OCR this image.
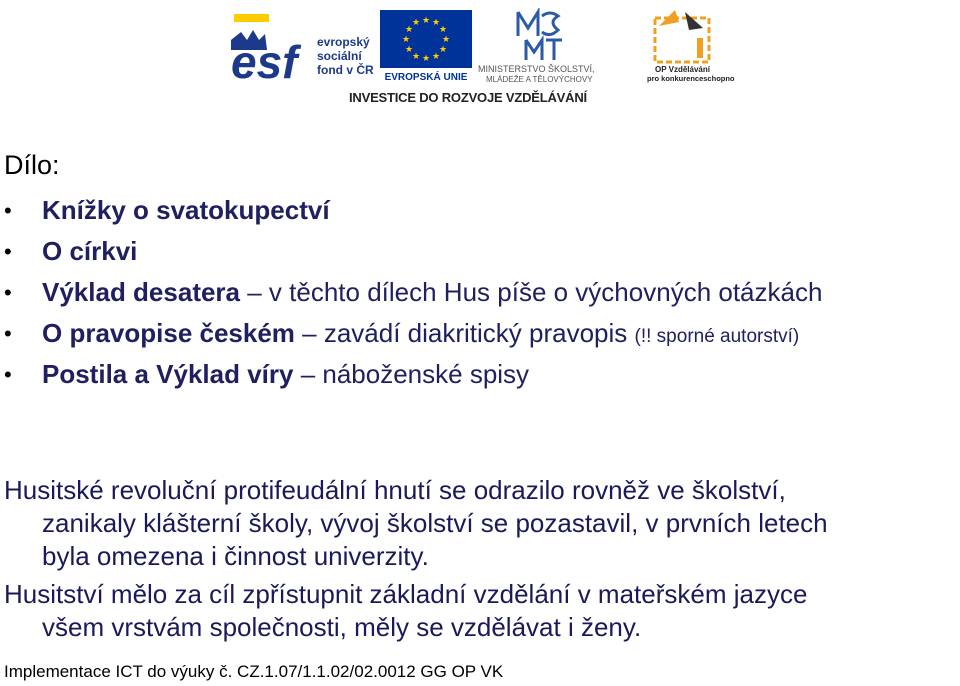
esf	evropský
sociální
fond v ČR
★ ★
★
★
★
★
★
★
★
★
★
★
EVROPSKÁ UNIE
MINISTERSTVO ŠKOLSTVÍ,
MLÁDEŽE A TĚLOVÝCHOVY
OP Vzdělávání
pro konkurenceschopnost
INVESTICE DO ROZVOJE VZDĚLÁVÁNÍ
Dílo:
• Knížky o svatokupectví
• O církvi
• Výklad desatera – v těchto dílech Hus píše o výchovných otázkách
• O pravopise českém – zavádí diakritický pravopis (!! sporné autorství)
• Postila a Výklad víry – náboženské spisy
Husitské revoluční protifeudální hnutí se odrazilo rovněž ve školství,
zanikaly klášterní školy, vývoj školství se pozastavil, v prvních letech
byla omezena i činnost univerzity.
Husitství mělo za cíl zpřístupnit základní vzdělání v mateřském jazyce
všem vrstvám společnosti, měly se vzdělávat i ženy.
Implementace ICT do výuky č. CZ.1.07/1.1.02/02.0012 GG OP VK
